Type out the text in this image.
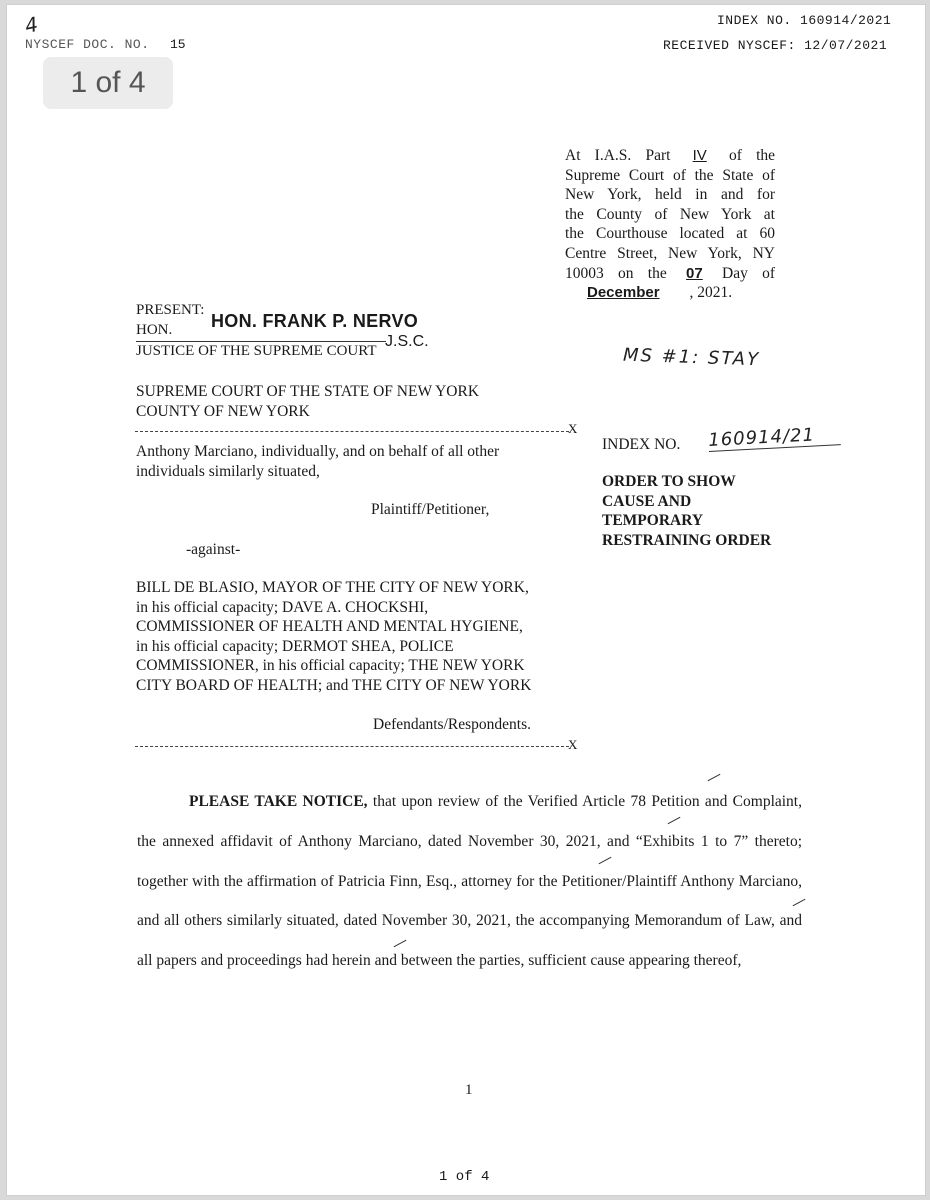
4
NYSCEF DOC. NO. 15
INDEX NO. 160914/2021
RECEIVED NYSCEF: 12/07/2021
1 of 4
At I.A.S. Part IV of the
Supreme Court of the State of
New York, held in and for
the County of New York at
the Courthouse located at 60
Centre Street, New York, NY
10003 on the 07 Day of
December , 2021.
PRESENT:
HON. FRANK P. NERVO
HON.
JUSTICE OF THE SUPREME COURT
J.S.C.
MS #1: STAY
SUPREME COURT OF THE STATE OF NEW YORK
COUNTY OF NEW YORK
X
Anthony Marciano, individually, and on behalf of all other individuals similarly situated,
Plaintiff/Petitioner,
-against-
BILL DE BLASIO, MAYOR OF THE CITY OF NEW YORK,
in his official capacity; DAVE A. CHOCKSHI,
COMMISSIONER OF HEALTH AND MENTAL HYGIENE,
in his official capacity; DERMOT SHEA, POLICE
COMMISSIONER, in his official capacity; THE NEW YORK
CITY BOARD OF HEALTH; and THE CITY OF NEW YORK
Defendants/Respondents.
X
INDEX NO. 160914/21
ORDER TO SHOW
CAUSE AND
TEMPORARY
RESTRAINING ORDER

PLEASE TAKE NOTICE, that upon review of the Verified Article 78 Petition and Complaint, the annexed affidavit of Anthony Marciano, dated November 30, 2021, and “Exhibits 1 to 7” thereto; together with the affirmation of Patricia Finn, Esq., attorney for the Petitioner/Plaintiff Anthony Marciano, and all others similarly situated, dated November 30, 2021, the accompanying Memorandum of Law, and all papers and proceedings had herein and between the parties, sufficient cause appearing thereof,

1
1 of 4
